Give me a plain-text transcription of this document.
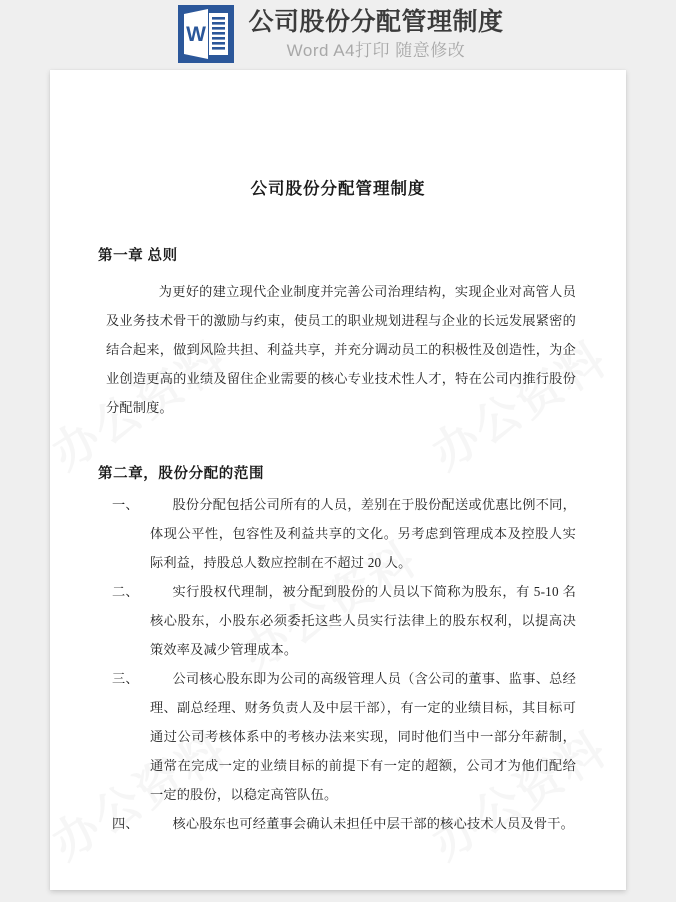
W 公司股份分配管理制度
Word A4打印 随意修改
公司股份分配管理制度
第一章 总则

为更好的建立现代企业制度并完善公司治理结构，实现企业对高管人员及业务技术骨干的激励与约束，使员工的职业规划进程与企业的长远发展紧密的结合起来，做到风险共担、利益共享，并充分调动员工的积极性及创造性，为企业创造更高的业绩及留住企业需要的核心专业技术性人才，特在公司内推行股份分配制度。

第二章，股份分配的范围
一、	股份分配包括公司所有的人员，差别在于股份配送或优惠比例不同，体现公平性，包容性及利益共享的文化。另考虑到管理成本及控股人实际利益，持股总人数应控制在不超过 20 人。
二、	实行股权代理制，被分配到股份的人员以下简称为股东，有 5-10 名核心股东，小股东必须委托这些人员实行法律上的股东权利，以提高决策效率及减少管理成本。
三、	公司核心股东即为公司的高级管理人员（含公司的董事、监事、总经理、副总经理、财务负责人及中层干部），有一定的业绩目标，其目标可通过公司考核体系中的考核办法来实现，同时他们当中一部分年薪制，通常在完成一定的业绩目标的前提下有一定的超额，公司才为他们配给一定的股份，以稳定高管队伍。
四、	核心股东也可经董事会确认未担任中层干部的核心技术人员及骨干。
